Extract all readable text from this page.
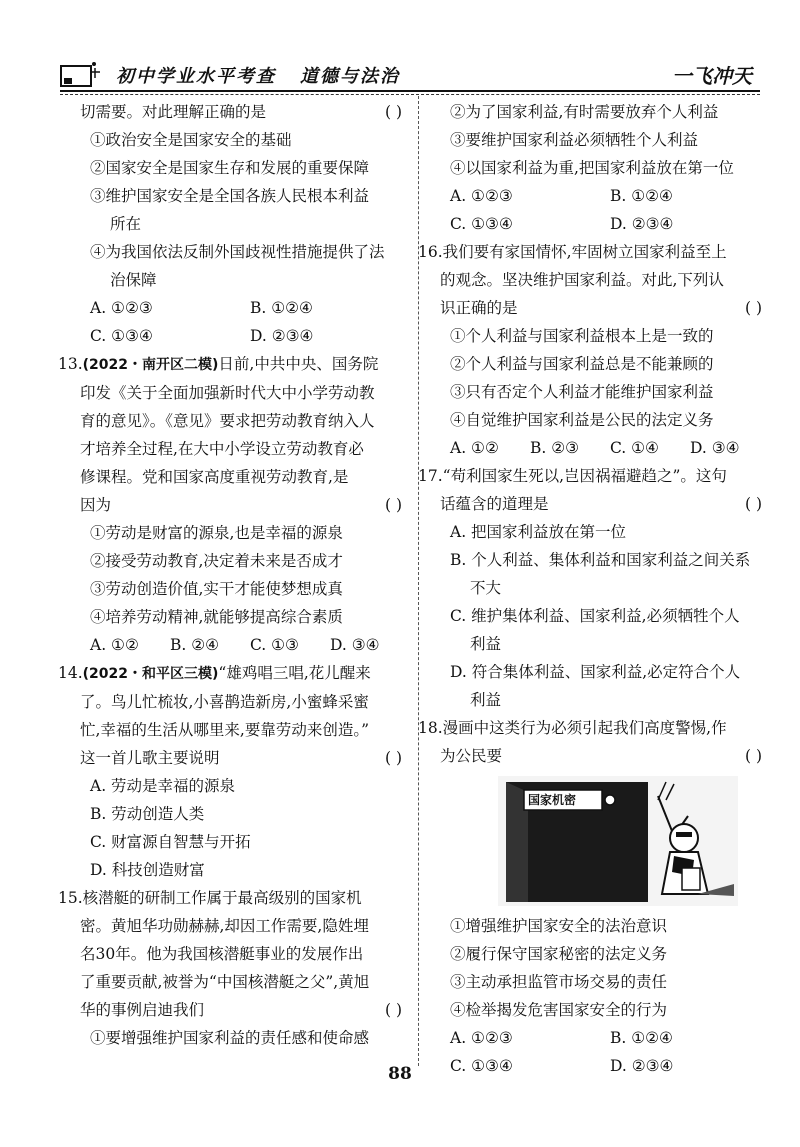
初中学业水平考查 道德与法治	一飞冲天
切需要。对此理解正确的是	( )
①政治安全是国家安全的基础
②国家安全是国家生存和发展的重要保障
③维护国家安全是全国各族人民根本利益
所在
④为我国依法反制外国歧视性措施提供了法
治保障
A. ①②③	B. ①②④
C. ①③④	D. ②③④
13.(2022・南开区二模)日前,中共中央、国务院
印发《关于全面加强新时代大中小学劳动教
育的意见》。《意见》要求把劳动教育纳入人
才培养全过程,在大中小学设立劳动教育必
修课程。党和国家高度重视劳动教育,是
因为	( )
①劳动是财富的源泉,也是幸福的源泉
②接受劳动教育,决定着未来是否成才
③劳动创造价值,实干才能使梦想成真
④培养劳动精神,就能够提高综合素质
A. ①②	B. ②④	C. ①③	D. ③④
14.(2022・和平区三模)“雄鸡唱三唱,花儿醒来
了。鸟儿忙梳妆,小喜鹊造新房,小蜜蜂采蜜
忙,幸福的生活从哪里来,要靠劳动来创造。”
这一首儿歌主要说明	( )
A. 劳动是幸福的源泉
B. 劳动创造人类
C. 财富源自智慧与开拓
D. 科技创造财富
15.核潜艇的研制工作属于最高级别的国家机
密。黄旭华功勋赫赫,却因工作需要,隐姓埋
名30年。他为我国核潜艇事业的发展作出
了重要贡献,被誉为“中国核潜艇之父”,黄旭
华的事例启迪我们	( )
①要增强维护国家利益的责任感和使命感
②为了国家利益,有时需要放弃个人利益
③要维护国家利益必须牺牲个人利益
④以国家利益为重,把国家利益放在第一位
A. ①②③	B. ①②④
C. ①③④	D. ②③④
16.我们要有家国情怀,牢固树立国家利益至上
的观念。坚决维护国家利益。对此,下列认
识正确的是	( )
①个人利益与国家利益根本上是一致的
②个人利益与国家利益总是不能兼顾的
③只有否定个人利益才能维护国家利益
④自觉维护国家利益是公民的法定义务
A. ①②	B. ②③	C. ①④	D. ③④
17.“苟利国家生死以,岂因祸福避趋之”。这句
话蕴含的道理是	( )
A. 把国家利益放在第一位
B. 个人利益、集体利益和国家利益之间关系
不大
C. 维护集体利益、国家利益,必须牺牲个人
利益
D. 符合集体利益、国家利益,必定符合个人
利益
18.漫画中这类行为必须引起我们高度警惕,作
为公民要	( )
国家机密
①增强维护国家安全的法治意识
②履行保守国家秘密的法定义务
③主动承担监管市场交易的责任
④检举揭发危害国家安全的行为
A. ①②③	B. ①②④
C. ①③④	D. ②③④
88
